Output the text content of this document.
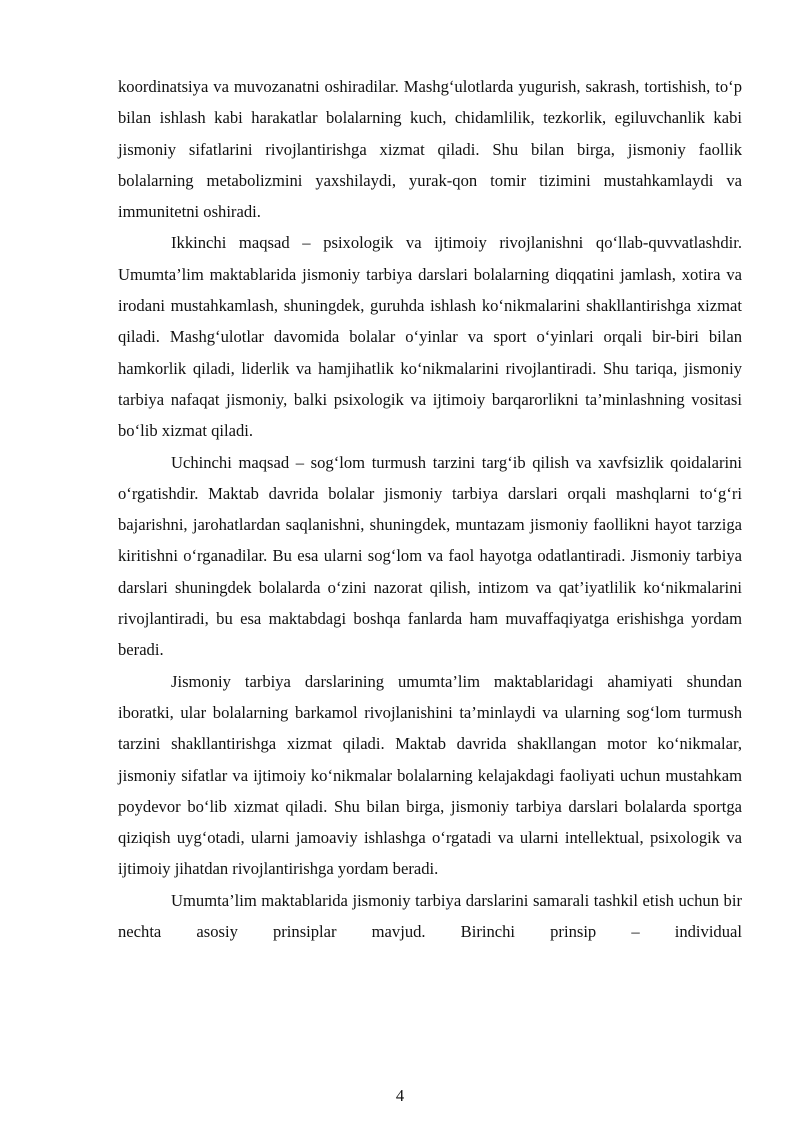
koordinatsiya va muvozanatni oshiradilar. Mashg‘ulotlarda yugurish, sakrash, tortishish, to‘p bilan ishlash kabi harakatlar bolalarning kuch, chidamlilik, tezkorlik, egiluvchanlik kabi jismoniy sifatlarini rivojlantirishga xizmat qiladi. Shu bilan birga, jismoniy faollik bolalarning metabolizmini yaxshilaydi, yurak-qon tomir tizimini mustahkamlaydi va immunitetni oshiradi.

Ikkinchi maqsad – psixologik va ijtimoiy rivojlanishni qo‘llab-quvvatlashdir. Umumta’lim maktablarida jismoniy tarbiya darslari bolalarning diqqatini jamlash, xotira va irodani mustahkamlash, shuningdek, guruhda ishlash ko‘nikmalarini shakllantirishga xizmat qiladi. Mashg‘ulotlar davomida bolalar o‘yinlar va sport o‘yinlari orqali bir-biri bilan hamkorlik qiladi, liderlik va hamjihatlik ko‘nikmalarini rivojlantiradi. Shu tariqa, jismoniy tarbiya nafaqat jismoniy, balki psixologik va ijtimoiy barqarorlikni ta’minlashning vositasi bo‘lib xizmat qiladi.

Uchinchi maqsad – sog‘lom turmush tarzini targ‘ib qilish va xavfsizlik qoidalarini o‘rgatishdir. Maktab davrida bolalar jismoniy tarbiya darslari orqali mashqlarni to‘g‘ri bajarishni, jarohatlardan saqlanishni, shuningdek, muntazam jismoniy faollikni hayot tarziga kiritishni o‘rganadilar. Bu esa ularni sog‘lom va faol hayotga odatlantiradi. Jismoniy tarbiya darslari shuningdek bolalarda o‘zini nazorat qilish, intizom va qat’iyatlilik ko‘nikmalarini rivojlantiradi, bu esa maktabdagi boshqa fanlarda ham muvaffaqiyatga erishishga yordam beradi.

Jismoniy tarbiya darslarining umumta’lim maktablaridagi ahamiyati shundan iboratki, ular bolalarning barkamol rivojlanishini ta’minlaydi va ularning sog‘lom turmush tarzini shakllantirishga xizmat qiladi. Maktab davrida shakllangan motor ko‘nikmalar, jismoniy sifatlar va ijtimoiy ko‘nikmalar bolalarning kelajakdagi faoliyati uchun mustahkam poydevor bo‘lib xizmat qiladi. Shu bilan birga, jismoniy tarbiya darslari bolalarda sportga qiziqish uyg‘otadi, ularni jamoaviy ishlashga o‘rgatadi va ularni intellektual, psixologik va ijtimoiy jihatdan rivojlantirishga yordam beradi.

Umumta’lim maktablarida jismoniy tarbiya darslarini samarali tashkil etish uchun bir nechta asosiy prinsiplar mavjud. Birinchi prinsip – individual

4
